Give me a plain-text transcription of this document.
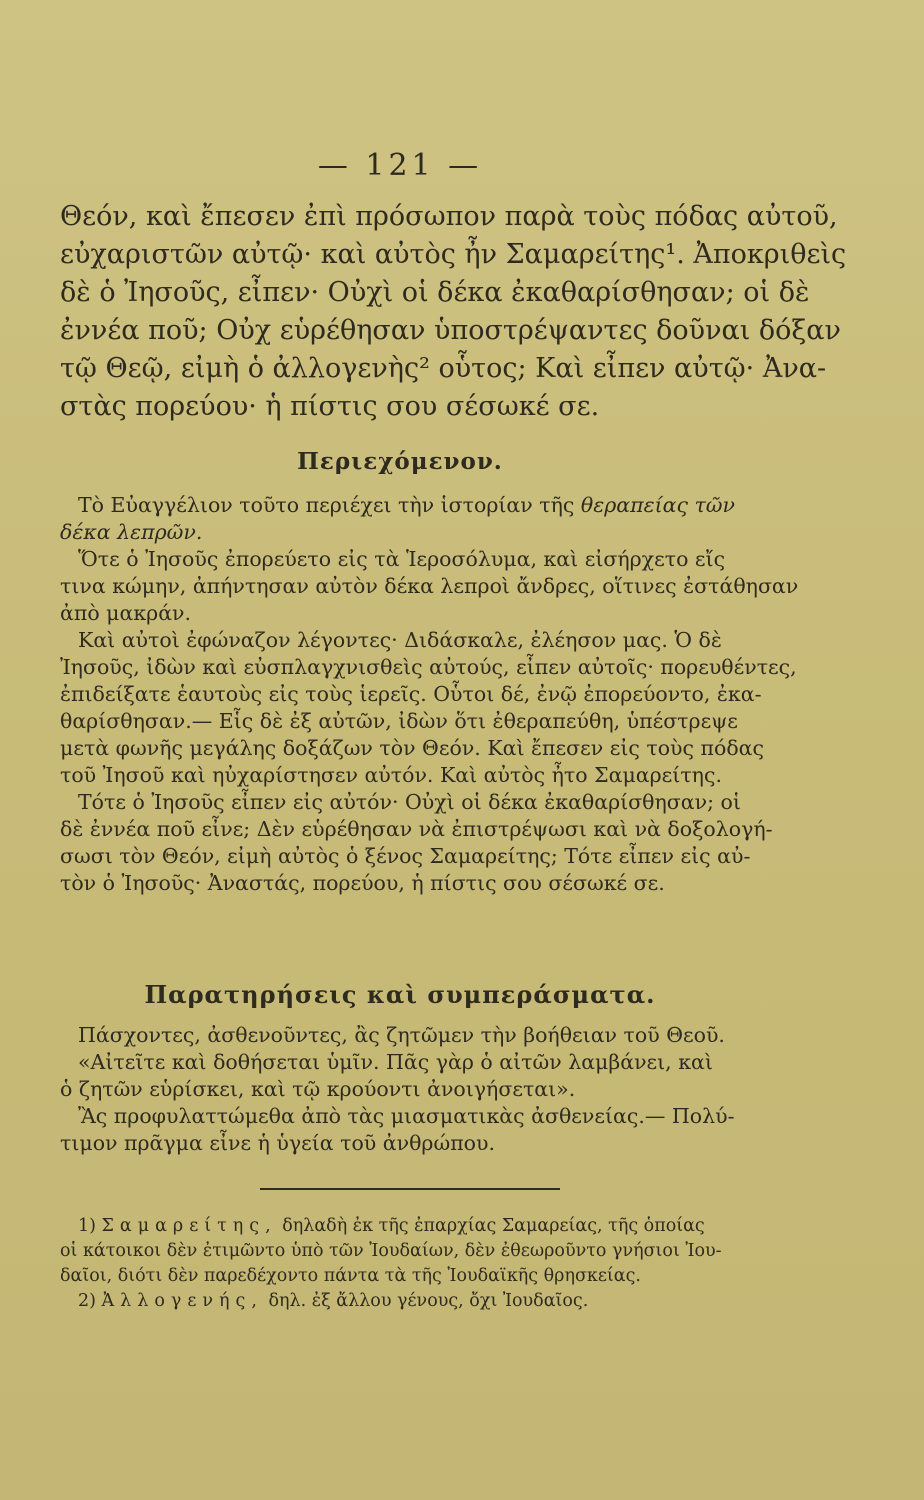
— 121 —
Θεόν, καὶ ἔπεσεν ἐπὶ πρόσωπον παρὰ τοὺς πόδας αὐτοῦ,
εὐχαριστῶν αὐτῷ· καὶ αὐτὸς ἦν Σαμαρείτης¹. Ἀποκριθεὶς
δὲ ὁ Ἰησοῦς, εἶπεν· Οὐχὶ οἱ δέκα ἐκαθαρίσθησαν; οἱ δὲ
ἐννέα ποῦ; Οὐχ εὑρέθησαν ὑποστρέψαντες δοῦναι δόξαν
τῷ Θεῷ, εἰμὴ ὁ ἀλλογενὴς² οὗτος; Καὶ εἶπεν αὐτῷ· Ἀνα-
στὰς πορεύου· ἡ πίστις σου σέσωκέ σε.
Περιεχόμενον.
Τὸ Εὐαγγέλιον τοῦτο περιέχει τὴν ἱστορίαν τῆς θεραπείας τῶν
δέκα λεπρῶν.
Ὅτε ὁ Ἰησοῦς ἐπορεύετο εἰς τὰ Ἱεροσόλυμα, καὶ εἰσήρχετο εἴς
τινα κώμην, ἀπήντησαν αὐτὸν δέκα λεπροὶ ἄνδρες, οἵτινες ἐστάθησαν
ἀπὸ μακράν.
Καὶ αὐτοὶ ἐφώναζον λέγοντες· Διδάσκαλε, ἐλέησον μας. Ὁ δὲ
Ἰησοῦς, ἰδὼν καὶ εὐσπλαγχνισθεὶς αὐτούς, εἶπεν αὐτοῖς· πορευθέντες,
ἐπιδείξατε ἑαυτοὺς εἰς τοὺς ἱερεῖς. Οὗτοι δέ, ἐνῷ ἐπορεύοντο, ἐκα-
θαρίσθησαν.— Εἷς δὲ ἐξ αὐτῶν, ἰδὼν ὅτι ἐθεραπεύθη, ὑπέστρεψε
μετὰ φωνῆς μεγάλης δοξάζων τὸν Θεόν. Καὶ ἔπεσεν εἰς τοὺς πόδας
τοῦ Ἰησοῦ καὶ ηὐχαρίστησεν αὐτόν. Καὶ αὐτὸς ἦτο Σαμαρείτης.
Τότε ὁ Ἰησοῦς εἶπεν εἰς αὐτόν· Οὐχὶ οἱ δέκα ἐκαθαρίσθησαν; οἱ
δὲ ἐννέα ποῦ εἶνε; Δὲν εὑρέθησαν νὰ ἐπιστρέψωσι καὶ νὰ δοξολογή-
σωσι τὸν Θεόν, εἰμὴ αὐτὸς ὁ ξένος Σαμαρείτης; Τότε εἶπεν εἰς αὐ-
τὸν ὁ Ἰησοῦς· Ἀναστάς, πορεύου, ἡ πίστις σου σέσωκέ σε.
Παρατηρήσεις καὶ συμπεράσματα.
Πάσχοντες, ἀσθενοῦντες, ἂς ζητῶμεν τὴν βοήθειαν τοῦ Θεοῦ.
«Αἰτεῖτε καὶ δοθήσεται ὑμῖν. Πᾶς γὰρ ὁ αἰτῶν λαμβάνει, καὶ
ὁ ζητῶν εὑρίσκει, καὶ τῷ κρούοντι ἀνοιγήσεται».
Ἂς προφυλαττώμεθα ἀπὸ τὰς μιασματικὰς ἀσθενείας.— Πολύ-
τιμον πρᾶγμα εἶνε ἡ ὑγεία τοῦ ἀνθρώπου.
1) Σαμαρείτης, δηλαδὴ ἐκ τῆς ἐπαρχίας Σαμαρείας, τῆς ὁποίας
οἱ κάτοικοι δὲν ἐτιμῶντο ὑπὸ τῶν Ἰουδαίων, δὲν ἐθεωροῦντο γνήσιοι Ἰου-
δαῖοι, διότι δὲν παρεδέχοντο πάντα τὰ τῆς Ἰουδαϊκῆς θρησκείας.
2) Ἀλλογενής, δηλ. ἐξ ἄλλου γένους, ὄχι Ἰουδαῖος.
